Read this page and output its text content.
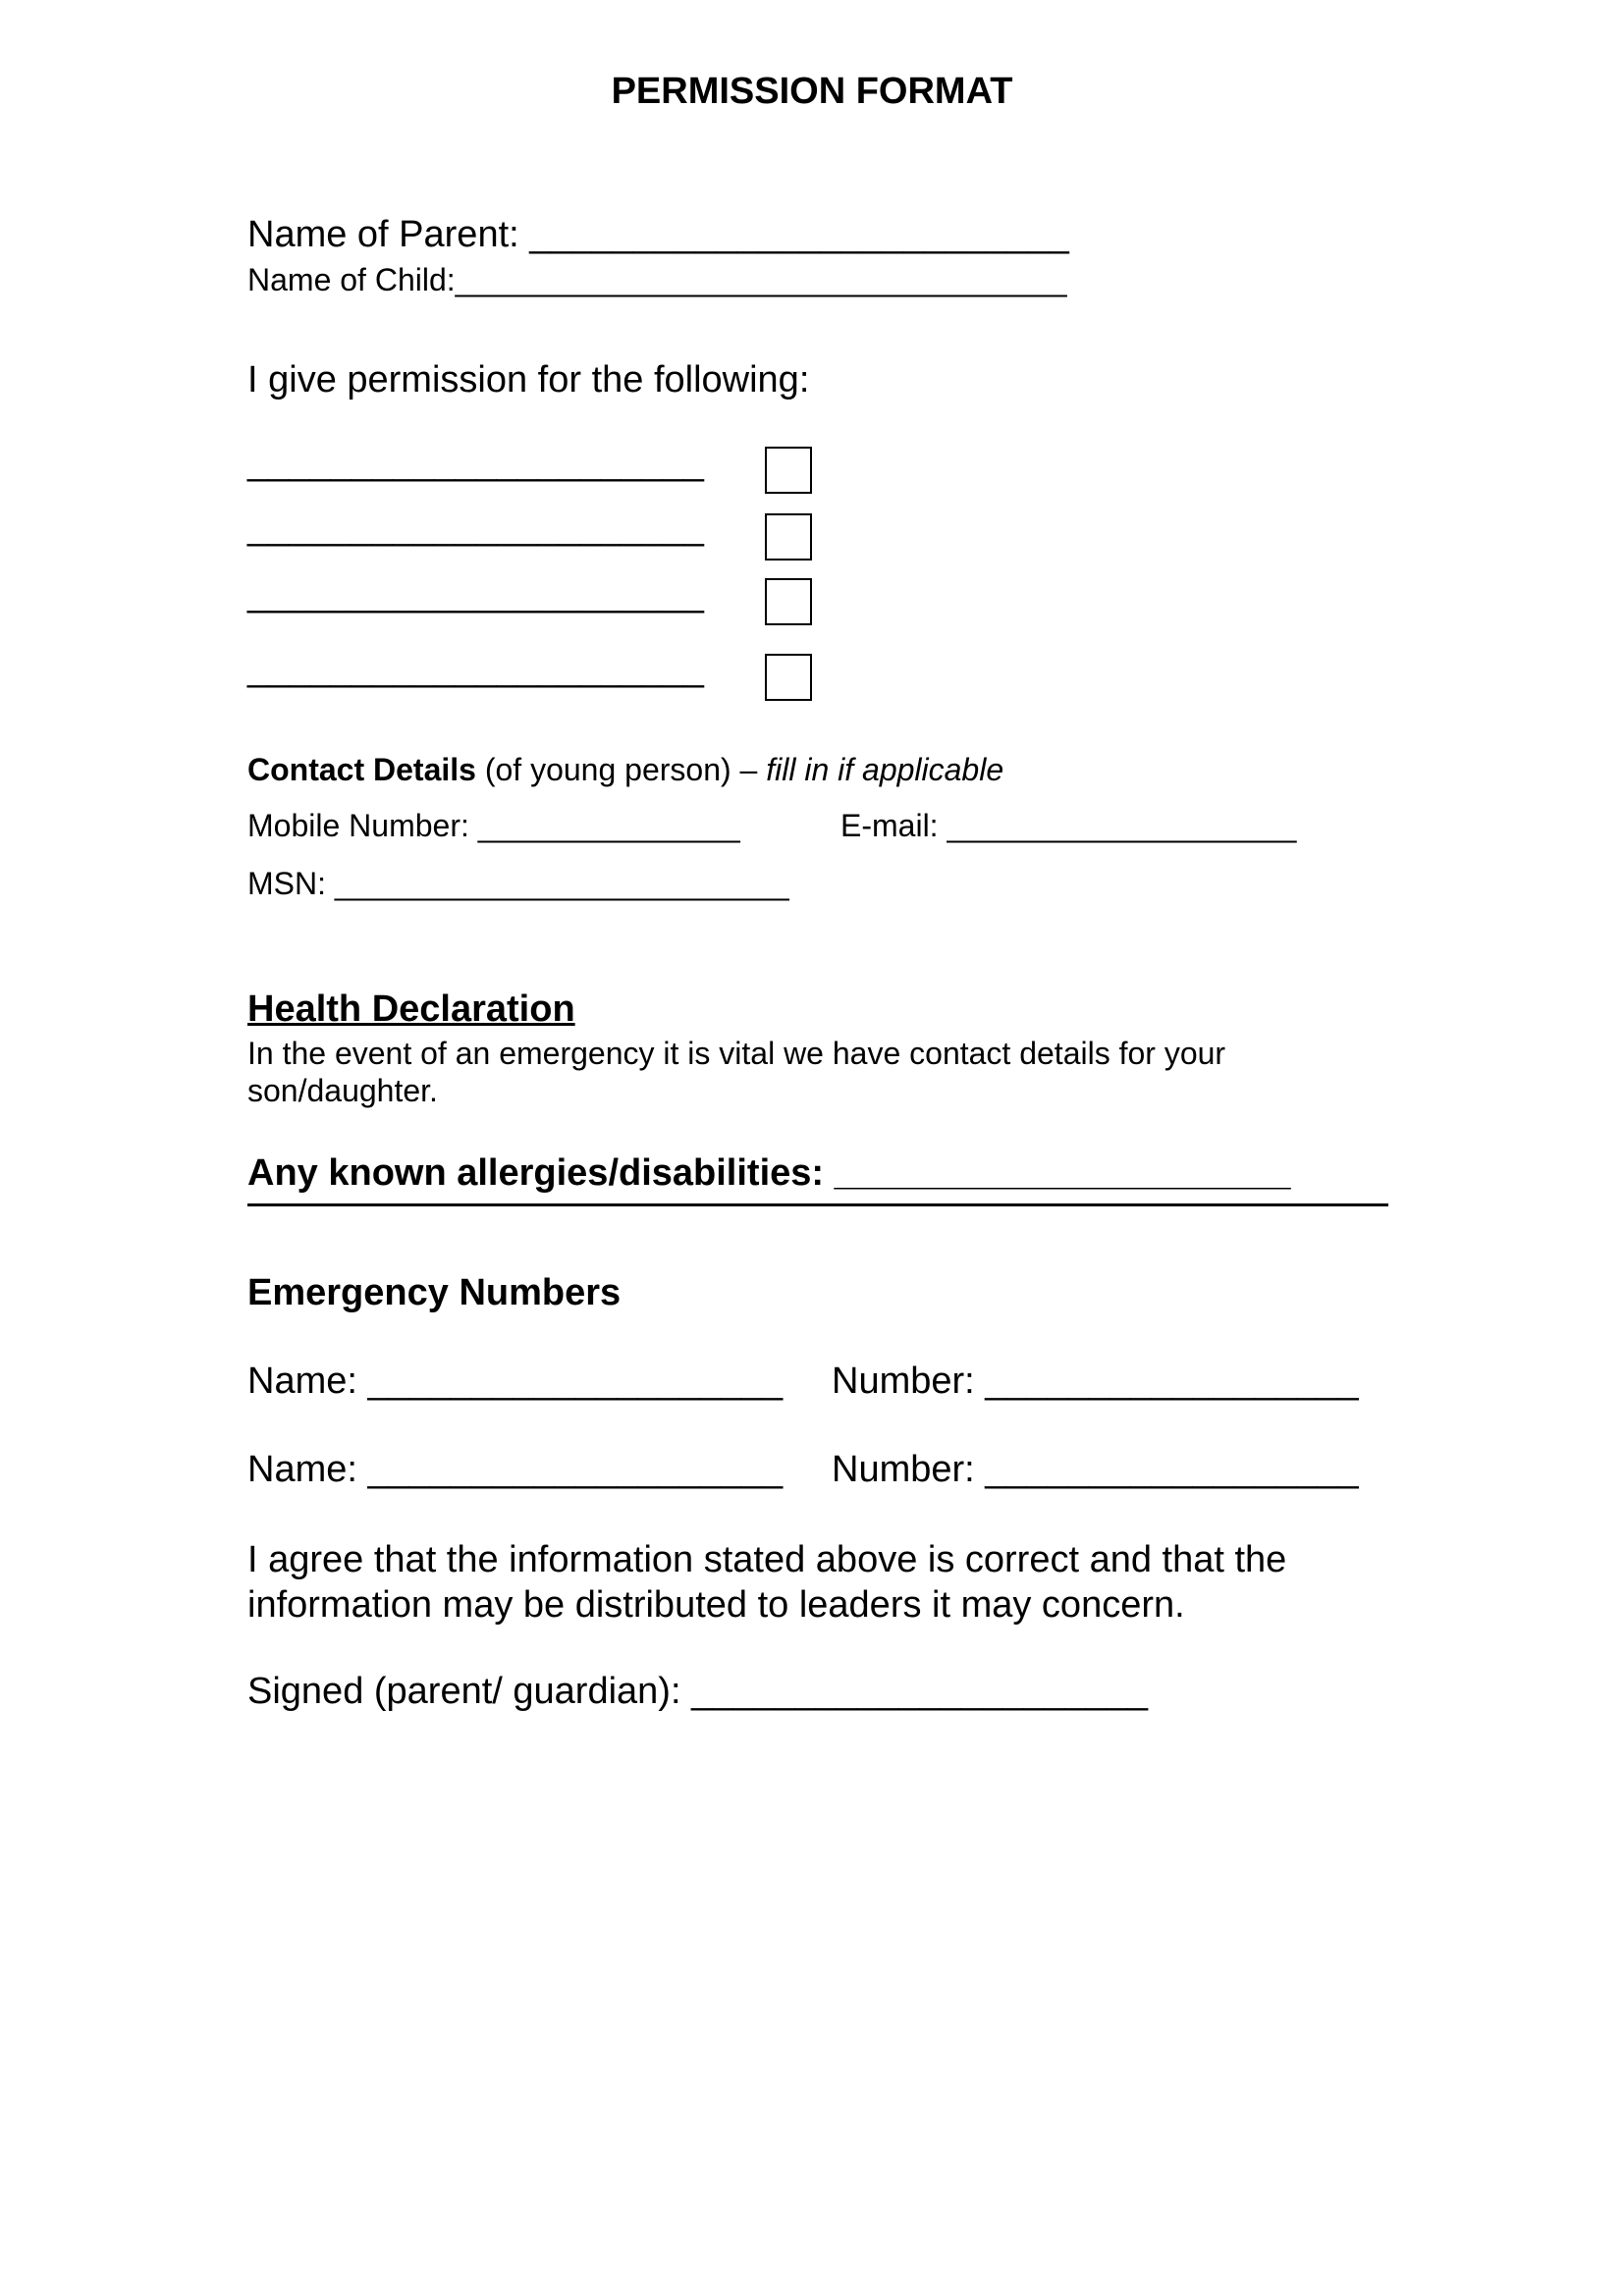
PERMISSION FORMAT
Name of Parent: __________________________
Name of Child:___________________________________
I give permission for the following:
______________________
______________________
______________________
______________________
Contact Details (of young person) – fill in if applicable
Mobile Number: _______________	E-mail: ____________________
MSN: __________________________
Health Declaration
In the event of an emergency it is vital we have contact details for your son/daughter.
Any known allergies/disabilities: ______________________
Emergency Numbers
Name: ____________________ Number: __________________
Name: ____________________ Number: __________________
I agree that the information stated above is correct and that the information may be distributed to leaders it may concern.
Signed (parent/ guardian): ______________________
